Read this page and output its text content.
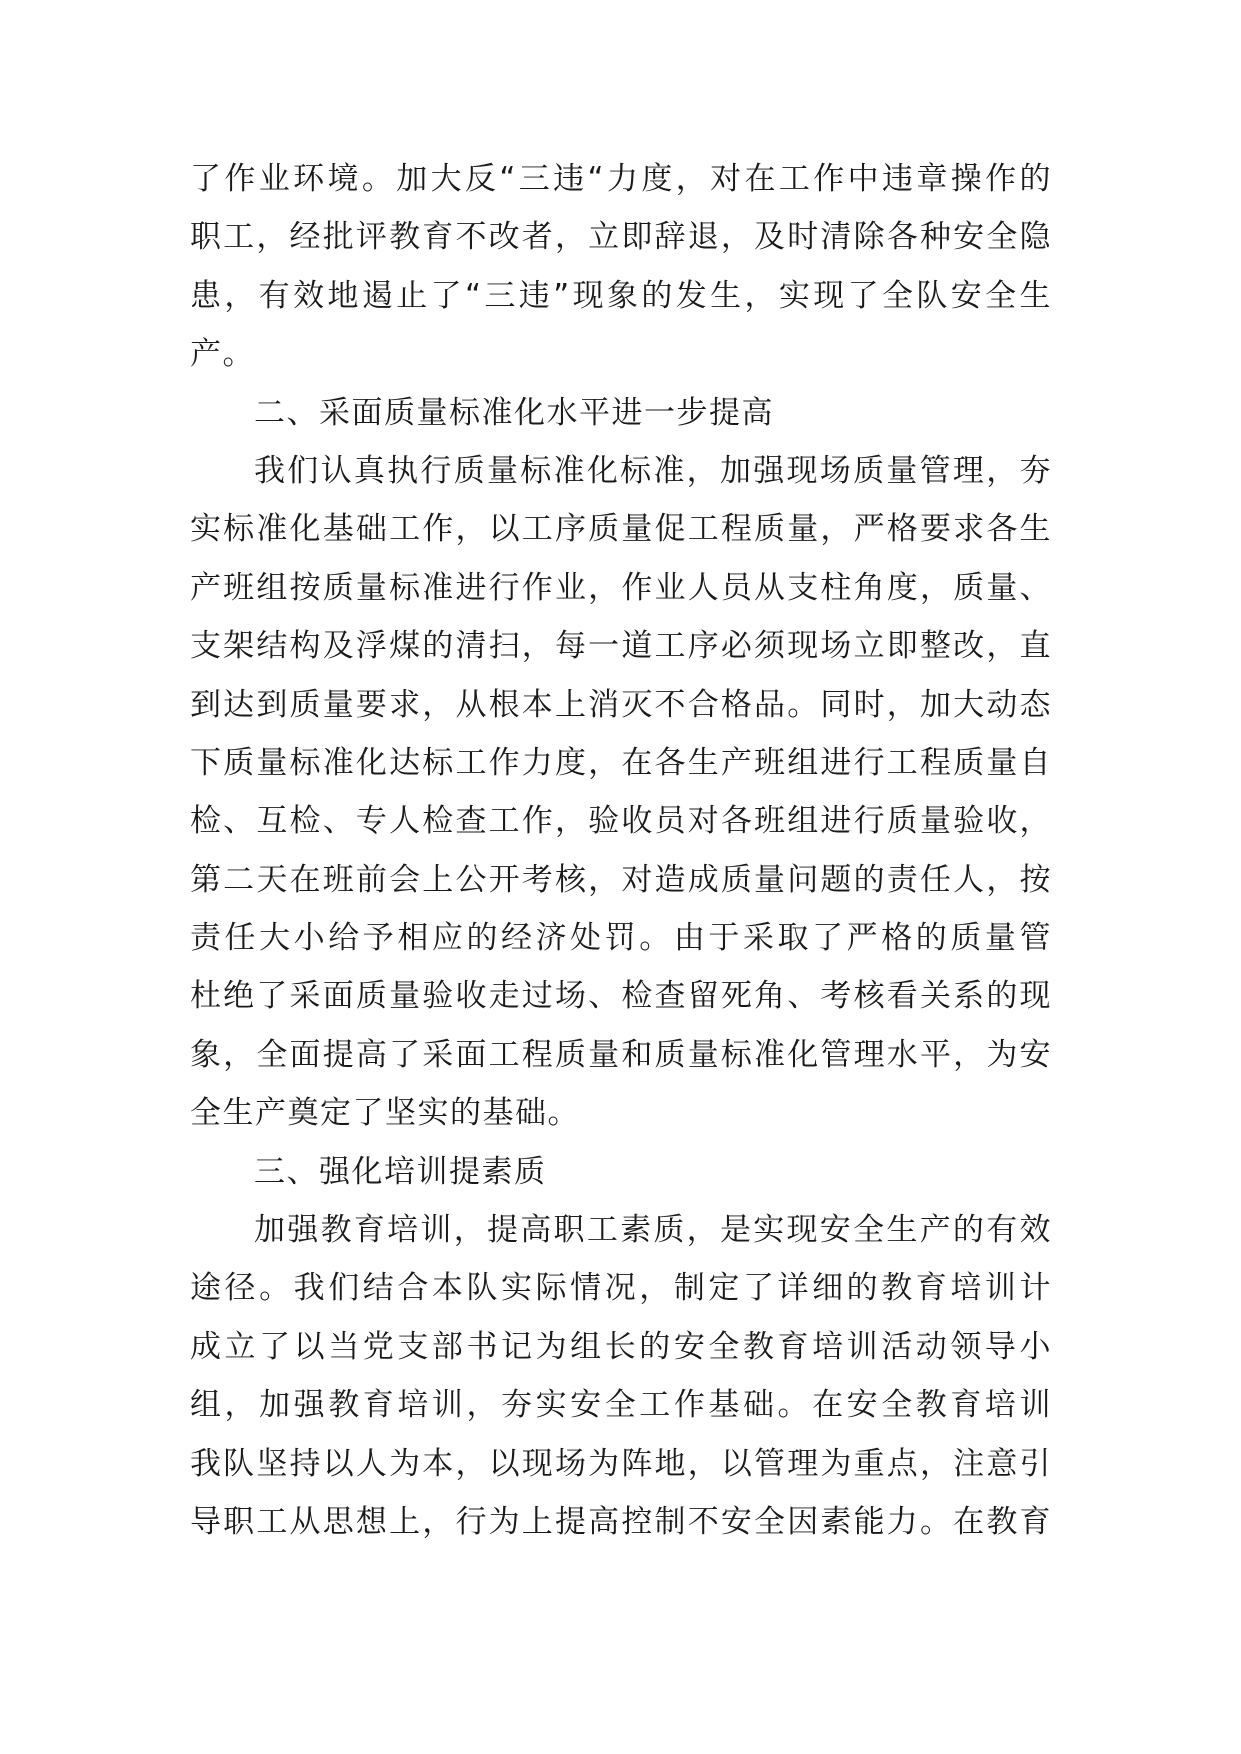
了作业环境。加大反“三违“力度，对在工作中违章操作的
职工，经批评教育不改者，立即辞退，及时清除各种安全隐
患，有效地遏止了“三违”现象的发生，实现了全队安全生
产。
二、采面质量标准化水平进一步提高
我们认真执行质量标准化标准，加强现场质量管理，夯
实标准化基础工作，以工序质量促工程质量，严格要求各生
产班组按质量标准进行作业，作业人员从支柱角度，质量、
支架结构及浮煤的清扫，每一道工序必须现场立即整改，直
到达到质量要求，从根本上消灭不合格品。同时，加大动态
下质量标准化达标工作力度，在各生产班组进行工程质量自
检、互检、专人检查工作，验收员对各班组进行质量验收，
第二天在班前会上公开考核，对造成质量问题的责任人，按
责任大小给予相应的经济处罚。由于采取了严格的质量管
杜绝了采面质量验收走过场、检查留死角、考核看关系的现
象，全面提高了采面工程质量和质量标准化管理水平，为安
全生产奠定了坚实的基础。
三、强化培训提素质
加强教育培训，提高职工素质，是实现安全生产的有效
途径。我们结合本队实际情况，制定了详细的教育培训计
成立了以当党支部书记为组长的安全教育培训活动领导小
组，加强教育培训，夯实安全工作基础。在安全教育培训
我队坚持以人为本，以现场为阵地，以管理为重点，注意引
导职工从思想上，行为上提高控制不安全因素能力。在教育
